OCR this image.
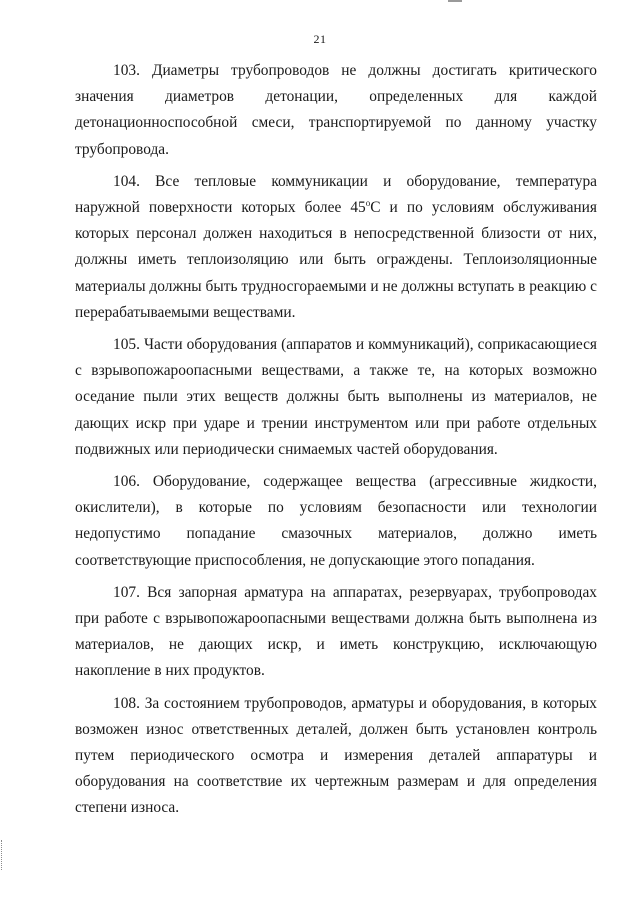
21

103. Диаметры трубопроводов не должны достигать критического значения диаметров детонации, определенных для каждой детонационноспособной смеси, транспортируемой по данному участку трубопровода.

104. Все тепловые коммуникации и оборудование, температура наружной поверхности которых более $45^оС$ и по условиям обслуживания которых персонал должен находиться в непосредственной близости от них, должны иметь теплоизоляцию или быть ограждены. Теплоизоляционные материалы должны быть трудносгораемыми и не должны вступать в реакцию с перерабатываемыми веществами.

105. Части оборудования (аппаратов и коммуникаций), соприкасающиеся с взрывопожароопасными веществами, а также те, на которых возможно оседание пыли этих веществ должны быть выполнены из материалов, не дающих искр при ударе и трении инструментом или при работе отдельных подвижных или периодически снимаемых частей оборудования.

106. Оборудование, содержащее вещества (агрессивные жидкости, окислители), в которые по условиям безопасности или технологии недопустимо попадание смазочных материалов, должно иметь соответствующие приспособления, не допускающие этого попадания.

107. Вся запорная арматура на аппаратах, резервуарах, трубопроводах при работе с взрывопожароопасными веществами должна быть выполнена из материалов, не дающих искр, и иметь конструкцию, исключающую накопление в них продуктов.

108. За состоянием трубопроводов, арматуры и оборудования, в которых возможен износ ответственных деталей, должен быть установлен контроль путем периодического осмотра и измерения деталей аппаратуры и оборудования на соответствие их чертежным размерам и для определения степени износа.
